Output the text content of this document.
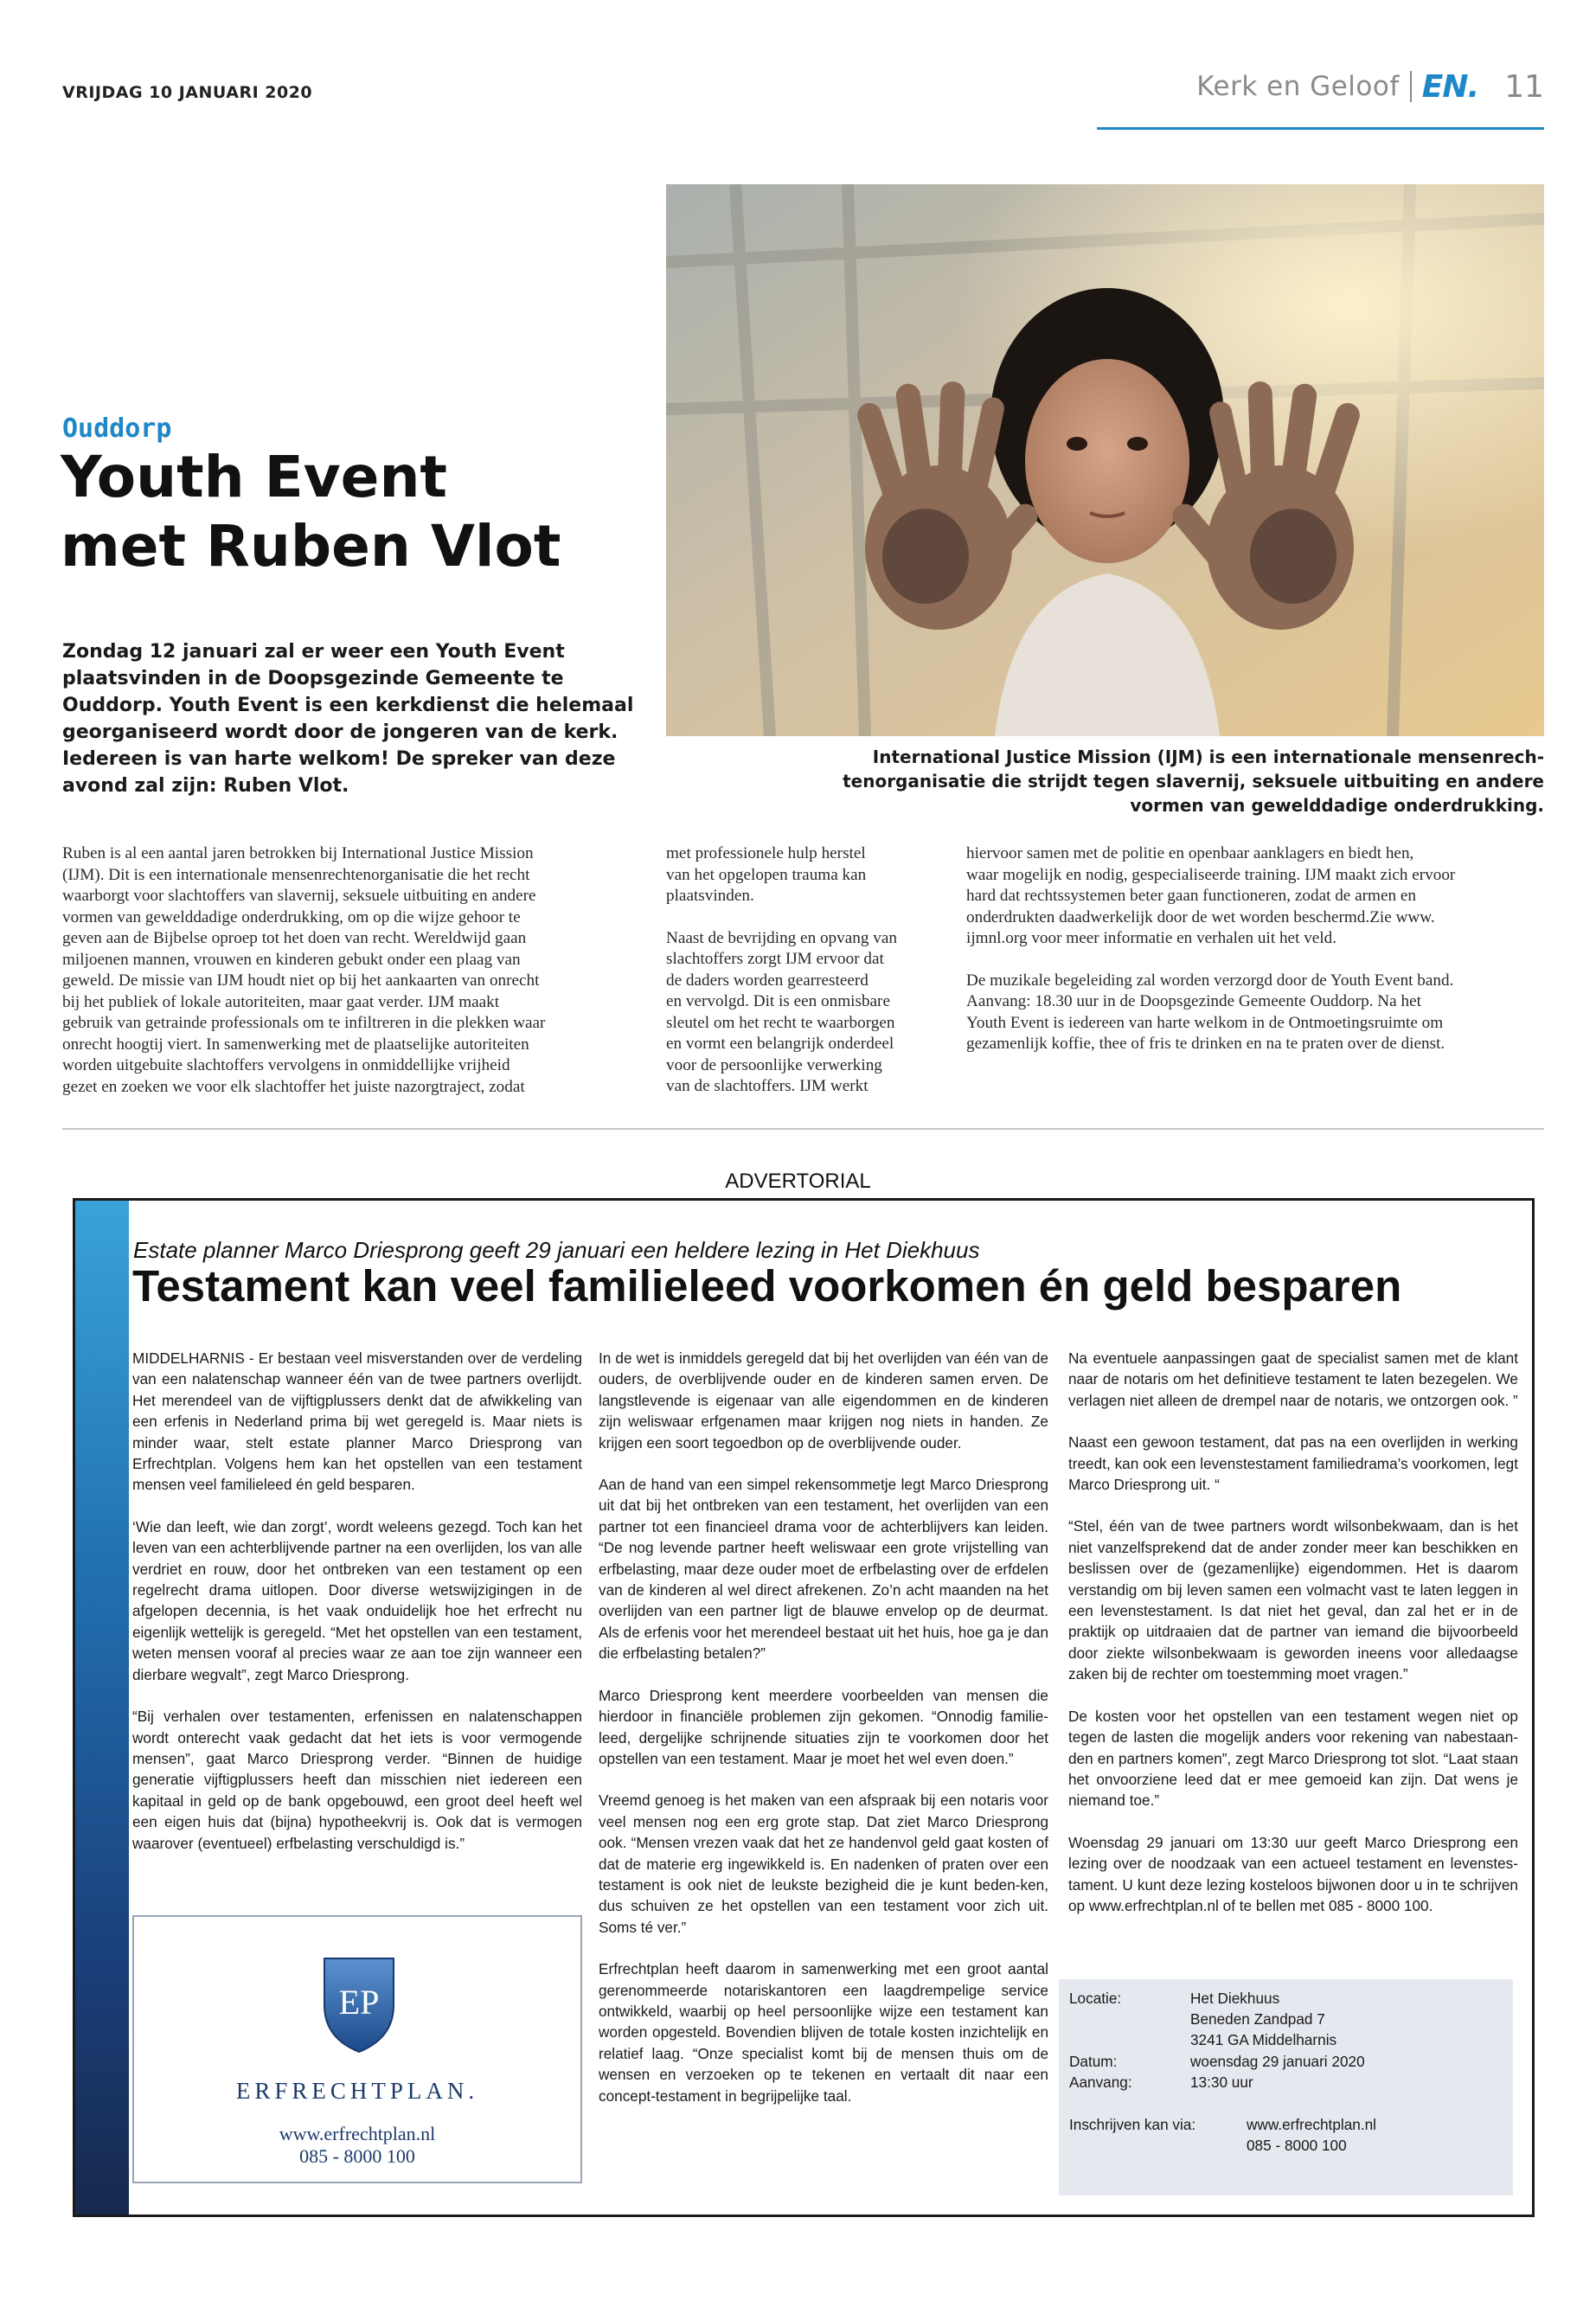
VRIJDAG 10 JANUARI 2020	Kerk en Geloof EN. 11
International Justice Mission (IJM) is een internationale mensenrech-
tenorganisatie die strijdt tegen slavernij, seksuele uitbuiting en andere
vormen van gewelddadige onderdrukking.
Ouddorp
Youth Event
met Ruben Vlot
Zondag 12 januari zal er weer een Youth Event
plaatsvinden in de Doopsgezinde Gemeente te
Ouddorp. Youth Event is een kerkdienst die helemaal
georganiseerd wordt door de jongeren van de kerk.
Iedereen is van harte welkom! De spreker van deze
avond zal zijn: Ruben Vlot.
Ruben is al een aantal jaren betrokken bij International Justice Mission
(IJM). Dit is een internationale mensenrechtenorganisatie die het recht
waarborgt voor slachtoffers van slavernij, seksuele uitbuiting en andere
vormen van gewelddadige onderdrukking, om op die wijze gehoor te
geven aan de Bijbelse oproep tot het doen van recht. Wereldwijd gaan
miljoenen mannen, vrouwen en kinderen gebukt onder een plaag van
geweld. De missie van IJM houdt niet op bij het aankaarten van onrecht
bij het publiek of lokale autoriteiten, maar gaat verder. IJM maakt
gebruik van getrainde professionals om te infiltreren in die plekken waar
onrecht hoogtij viert. In samenwerking met de plaatselijke autoriteiten
worden uitgebuite slachtoffers vervolgens in onmiddellijke vrijheid
gezet en zoeken we voor elk slachtoffer het juiste nazorgtraject, zodat

met professionele hulp herstel
van het opgelopen trauma kan
plaatsvinden.

Naast de bevrijding en opvang van
slachtoffers zorgt IJM ervoor dat
de daders worden gearresteerd
en vervolgd. Dit is een onmisbare
sleutel om het recht te waarborgen
en vormt een belangrijk onderdeel
voor de persoonlijke verwerking
van de slachtoffers. IJM werkt

hiervoor samen met de politie en openbaar aanklagers en biedt hen,
waar mogelijk en nodig, gespecialiseerde training. IJM maakt zich ervoor
hard dat rechtssystemen beter gaan functioneren, zodat de armen en
onderdrukten daadwerkelijk door de wet worden beschermd.Zie www.
ijmnl.org voor meer informatie en verhalen uit het veld.

De muzikale begeleiding zal worden verzorgd door de Youth Event band.
Aanvang: 18.30 uur in de Doopsgezinde Gemeente Ouddorp. Na het
Youth Event is iedereen van harte welkom in de Ontmoetingsruimte om
gezamenlijk koffie, thee of fris te drinken en na te praten over de dienst.

ADVERTORIAL
Estate planner Marco Driesprong geeft 29 januari een heldere lezing in Het Diekhuus
Testament kan veel familieleed voorkomen én geld besparen

MIDDELHARNIS - Er bestaan veel misverstanden over de verdeling van een nalatenschap wanneer één van de twee partners overlijdt. Het merendeel van de vijftigplussers denkt dat de afwikkeling van een erfenis in Nederland prima bij wet geregeld is. Maar niets is minder waar, stelt estate planner Marco Driesprong van Erfrechtplan. Volgens hem kan het opstellen van een testament mensen veel familieleed én geld besparen.

‘Wie dan leeft, wie dan zorgt’, wordt weleens gezegd. Toch kan het leven van een achterblijvende partner na een overlijden, los van alle verdriet en rouw, door het ontbreken van een testament op een regelrecht drama uitlopen. Door diverse wetswijzigingen in de afgelopen decennia, is het vaak onduidelijk hoe het erfrecht nu eigenlijk wettelijk is geregeld. “Met het opstellen van een testament, weten mensen vooraf al precies waar ze aan toe zijn wanneer een dierbare wegvalt”, zegt Marco Driesprong.

“Bij verhalen over testamenten, erfenissen en nalatenschappen wordt onterecht vaak gedacht dat het iets is voor vermogende mensen”, gaat Marco Driesprong verder. “Binnen de huidige generatie vijftigplussers heeft dan misschien niet iedereen een kapitaal in geld op de bank opgebouwd, een groot deel heeft wel een eigen huis dat (bijna) hypotheekvrij is. Ook dat is vermogen waarover (eventueel) erfbelasting verschuldigd is.”

EP
ERFRECHTPLAN.
www.erfrechtplan.nl
085 - 8000 100

In de wet is inmiddels geregeld dat bij het overlijden van één van de ouders, de overblijvende ouder en de kinderen samen erven. De langstlevende is eigenaar van alle eigendommen en de kinderen zijn weliswaar erfgenamen maar krijgen nog niets in handen. Ze krijgen een soort tegoedbon op de overblijvende ouder.

Aan de hand van een simpel rekensommetje legt Marco Driesprong uit dat bij het ontbreken van een testament, het overlijden van een partner tot een financieel drama voor de achterblijvers kan leiden. “De nog levende partner heeft weliswaar een grote vrijstelling van erfbelasting, maar deze ouder moet de erfbelasting over de erfdelen van de kinderen al wel direct afrekenen. Zo’n acht maanden na het overlijden van een partner ligt de blauwe envelop op de deurmat. Als de erfenis voor het merendeel bestaat uit het huis, hoe ga je dan die erfbelasting betalen?”

Marco Driesprong kent meerdere voorbeelden van mensen die hierdoor in financiële problemen zijn gekomen. “Onnodig familie-leed, dergelijke schrijnende situaties zijn te voorkomen door het opstellen van een testament. Maar je moet het wel even doen.”

Vreemd genoeg is het maken van een afspraak bij een notaris voor veel mensen nog een erg grote stap. Dat ziet Marco Driesprong ook. “Mensen vrezen vaak dat het ze handenvol geld gaat kosten of dat de materie erg ingewikkeld is. En nadenken of praten over een testament is ook niet de leukste bezigheid die je kunt beden-ken, dus schuiven ze het opstellen van een testament voor zich uit. Soms té ver.”

Erfrechtplan heeft daarom in samenwerking met een groot aantal gerenommeerde notariskantoren een laagdrempelige service ontwikkeld, waarbij op heel persoonlijke wijze een testament kan worden opgesteld. Bovendien blijven de totale kosten inzichtelijk en relatief laag. “Onze specialist komt bij de mensen thuis om de wensen en verzoeken op te tekenen en vertaalt dit naar een concept-testament in begrijpelijke taal.

Na eventuele aanpassingen gaat de specialist samen met de klant naar de notaris om het definitieve testament te laten bezegelen. We verlagen niet alleen de drempel naar de notaris, we ontzorgen ook. ”

Naast een gewoon testament, dat pas na een overlijden in werking treedt, kan ook een levenstestament familiedrama’s voorkomen, legt Marco Driesprong uit. “

“Stel, één van de twee partners wordt wilsonbekwaam, dan is het niet vanzelfsprekend dat de ander zonder meer kan beschikken en beslissen over de (gezamenlijke) eigendommen. Het is daarom verstandig om bij leven samen een volmacht vast te laten leggen in een levenstestament. Is dat niet het geval, dan zal het er in de praktijk op uitdraaien dat de partner van iemand die bijvoorbeeld door ziekte wilsonbekwaam is geworden ineens voor alledaagse zaken bij de rechter om toestemming moet vragen.”

De kosten voor het opstellen van een testament wegen niet op tegen de lasten die mogelijk anders voor rekening van nabestaan-den en partners komen”, zegt Marco Driesprong tot slot. “Laat staan het onvoorziene leed dat er mee gemoeid kan zijn. Dat wens je niemand toe.”

Woensdag 29 januari om 13:30 uur geeft Marco Driesprong een lezing over de noodzaak van een actueel testament en levenstes-tament. U kunt deze lezing kosteloos bijwonen door u in te schrijven op www.erfrechtplan.nl of te bellen met 085 - 8000 100.

Locatie:	Het Diekhuus
Beneden Zandpad 7
3241 GA Middelharnis
Datum:	woensdag 29 januari 2020
Aanvang:	13:30 uur
Inschrijven kan via:	www.erfrechtplan.nl
085 - 8000 100
